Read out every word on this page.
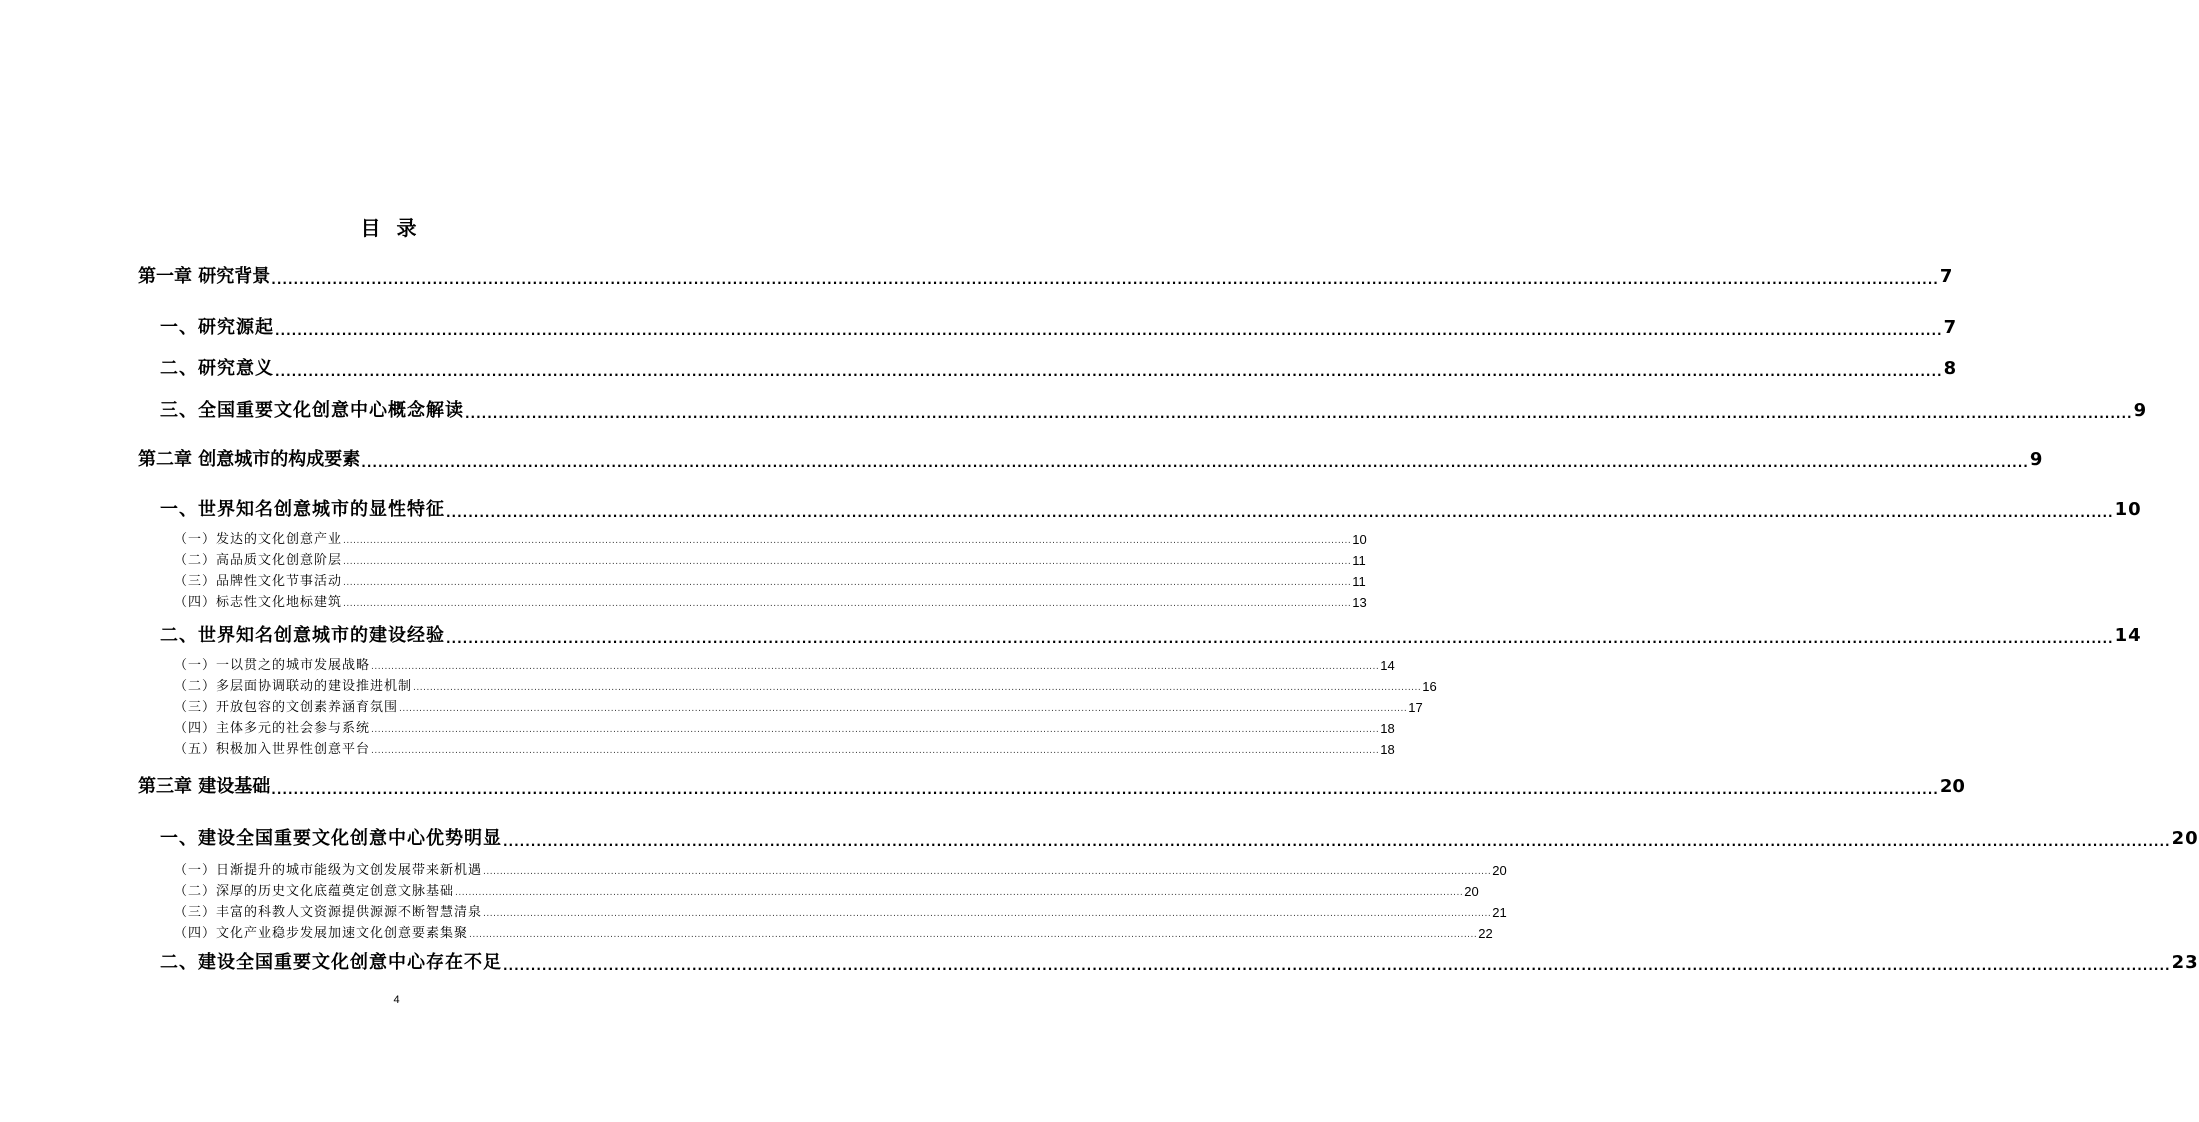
目录
第一章 研究背景 ............................................................................................................................................................................................................................................................................................................ 7
一、研究源起 ............................................................................................................................................................................................................................................................................................................ 7
二、研究意义 ............................................................................................................................................................................................................................................................................................................ 8
三、全国重要文化创意中心概念解读 ............................................................................................................................................................................................................................................................................................................ 9
第二章 创意城市的构成要素 ............................................................................................................................................................................................................................................................................................................ 9
一、世界知名创意城市的显性特征 ............................................................................................................................................................................................................................................................................................................ 10
（一）发达的文化创意产业 ............................................................................................................................................................................................................................................................................................................ 10
（二）高品质文化创意阶层 ............................................................................................................................................................................................................................................................................................................ 11
（三）品牌性文化节事活动 ............................................................................................................................................................................................................................................................................................................ 11
（四）标志性文化地标建筑 ............................................................................................................................................................................................................................................................................................................ 13
二、世界知名创意城市的建设经验 ............................................................................................................................................................................................................................................................................................................ 14
（一）一以贯之的城市发展战略 ............................................................................................................................................................................................................................................................................................................ 14
（二）多层面协调联动的建设推进机制 ............................................................................................................................................................................................................................................................................................................ 16
（三）开放包容的文创素养涵育氛围 ............................................................................................................................................................................................................................................................................................................ 17
（四）主体多元的社会参与系统 ............................................................................................................................................................................................................................................................................................................ 18
（五）积极加入世界性创意平台 ............................................................................................................................................................................................................................................................................................................ 18
第三章 建设基础 ............................................................................................................................................................................................................................................................................................................ 20
一、建设全国重要文化创意中心优势明显 ............................................................................................................................................................................................................................................................................................................ 20
（一）日渐提升的城市能级为文创发展带来新机遇 ............................................................................................................................................................................................................................................................................................................ 20
（二）深厚的历史文化底蕴奠定创意文脉基础 ............................................................................................................................................................................................................................................................................................................ 20
（三）丰富的科教人文资源提供源源不断智慧清泉 ............................................................................................................................................................................................................................................................................................................ 21
（四）文化产业稳步发展加速文化创意要素集聚 ............................................................................................................................................................................................................................................................................................................ 22
二、建设全国重要文化创意中心存在不足 ............................................................................................................................................................................................................................................................................................................ 23
4
